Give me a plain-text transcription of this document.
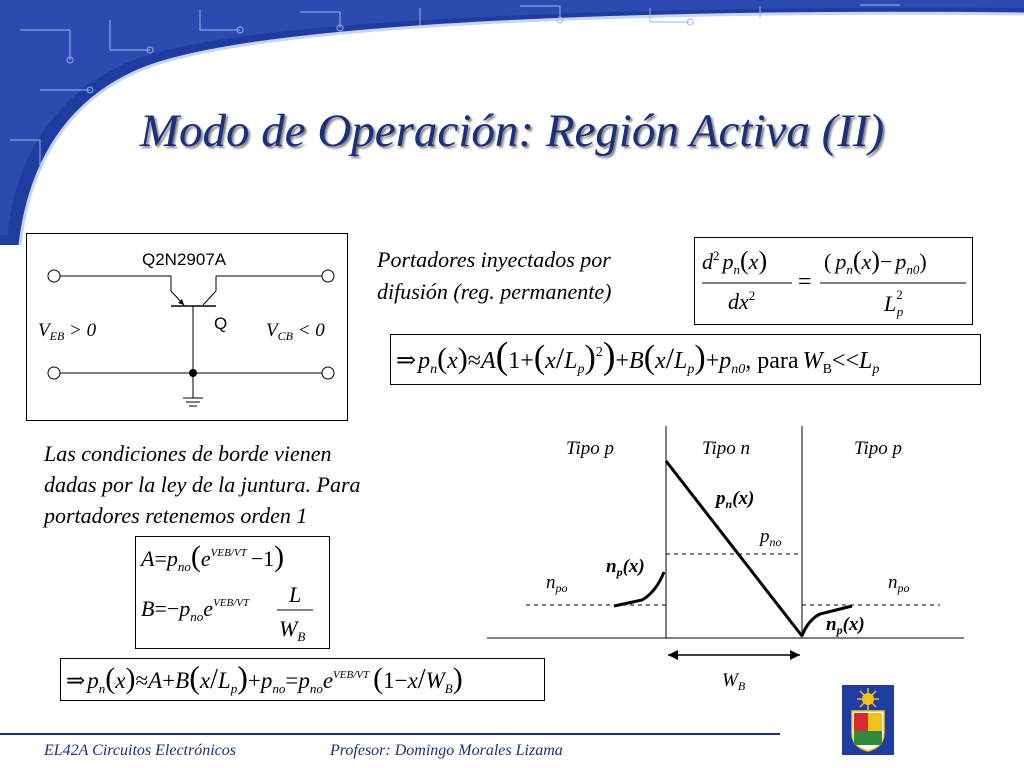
Modo de Operación: Región Activa (II)
Q2N2907A
Q
$V_{EB} > 0$	$V_{CB} < 0$
Portadores inyectados por
difusión (reg. permanente)
$d^2$ $p_n(x)$
$dx^2$
=
( $p_n(x)- p_{n0}$)
$L^2$ p
$\Rightarrow p_n(x)\approx A(1+(x/L_p)^2)+B(x/L_p)+p_{n0}$, para $W_B<<L_p$
Las condiciones de borde vienen
dadas por la ley de la juntura. Para
portadores retenemos orden 1
$A=p_{no}(e^{VEB/VT} -1)$
$B=-p_{no}e^{VEB/VT}$ L
$W_B$
$\Rightarrow p_n(x)\approx A+B(x/L_p)+p_{no}=p_{no}e^{VEB/VT}$ $(1-x/W_B)$
Tipo p	Tipo n	Tipo p
$p_n(x)$
$p_{no}$
$n_p(x)$
$n_{po}$	$n_{po}$
$n_p(x)$
$W_B$
EL42A Circuitos Electrónicos	Profesor: Domingo Morales Lizama
